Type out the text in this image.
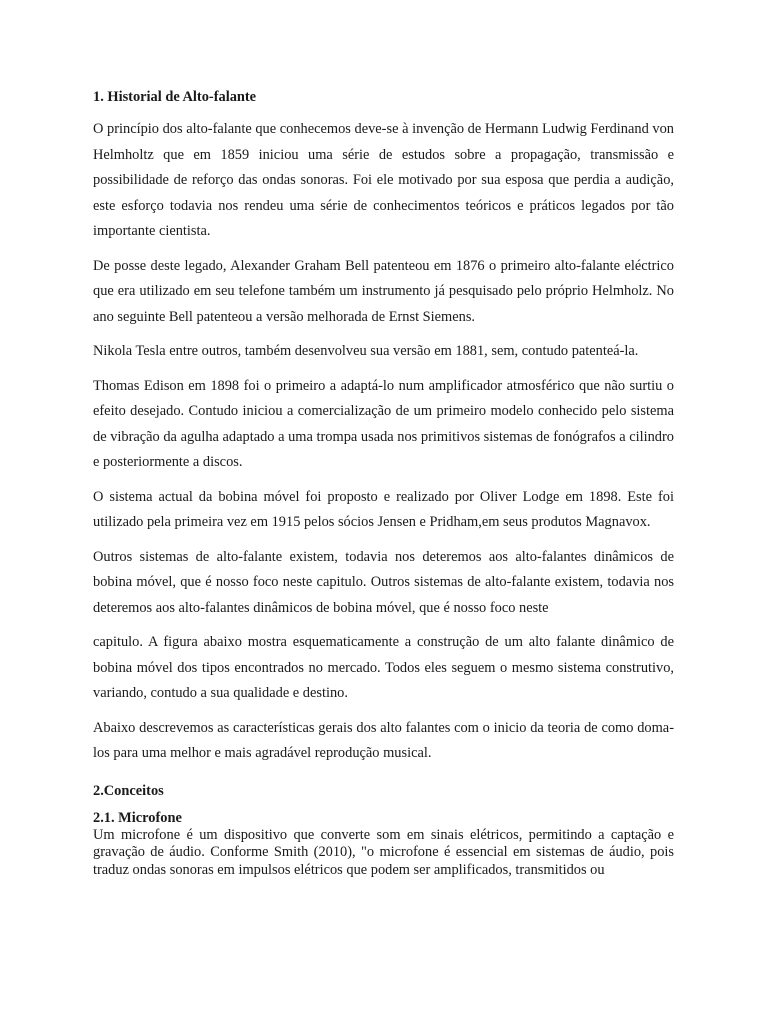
1. Historial de Alto-falante

O princípio dos alto-falante que conhecemos deve-se à invenção de Hermann Ludwig Ferdinand von Helmholtz que em 1859 iniciou uma série de estudos sobre a propagação, transmissão e possibilidade de reforço das ondas sonoras. Foi ele motivado por sua esposa que perdia a audição, este esforço todavia nos rendeu uma série de conhecimentos teóricos e práticos legados por tão importante cientista.

De posse deste legado, Alexander Graham Bell patenteou em 1876 o primeiro alto-falante eléctrico que era utilizado em seu telefone também um instrumento já pesquisado pelo próprio Helmholz. No ano seguinte Bell patenteou a versão melhorada de Ernst Siemens.

Nikola Tesla entre outros, também desenvolveu sua versão em 1881, sem, contudo patenteá-la.

Thomas Edison em 1898 foi o primeiro a adaptá-lo num amplificador atmosférico que não surtiu o efeito desejado. Contudo iniciou a comercialização de um primeiro modelo conhecido pelo sistema de vibração da agulha adaptado a uma trompa usada nos primitivos sistemas de fonógrafos a cilindro e posteriormente a discos.

O sistema actual da bobina móvel foi proposto e realizado por Oliver Lodge em 1898. Este foi utilizado pela primeira vez em 1915 pelos sócios Jensen e Pridham,em seus produtos Magnavox.

Outros sistemas de alto-falante existem, todavia nos deteremos aos alto-falantes dinâmicos de bobina móvel, que é nosso foco neste capitulo. Outros sistemas de alto-falante existem, todavia nos deteremos aos alto-falantes dinâmicos de bobina móvel, que é nosso foco neste

capitulo. A figura abaixo mostra esquematicamente a construção de um alto falante dinâmico de bobina móvel dos tipos encontrados no mercado. Todos eles seguem o mesmo sistema construtivo, variando, contudo a sua qualidade e destino.

Abaixo descrevemos as características gerais dos alto falantes com o inicio da teoria de como doma-los para uma melhor e mais agradável reprodução musical.

2.Conceitos
2.1. Microfone

Um microfone é um dispositivo que converte som em sinais elétricos, permitindo a captação e gravação de áudio. Conforme Smith (2010), "o microfone é essencial em sistemas de áudio, pois traduz ondas sonoras em impulsos elétricos que podem ser amplificados, transmitidos ou
